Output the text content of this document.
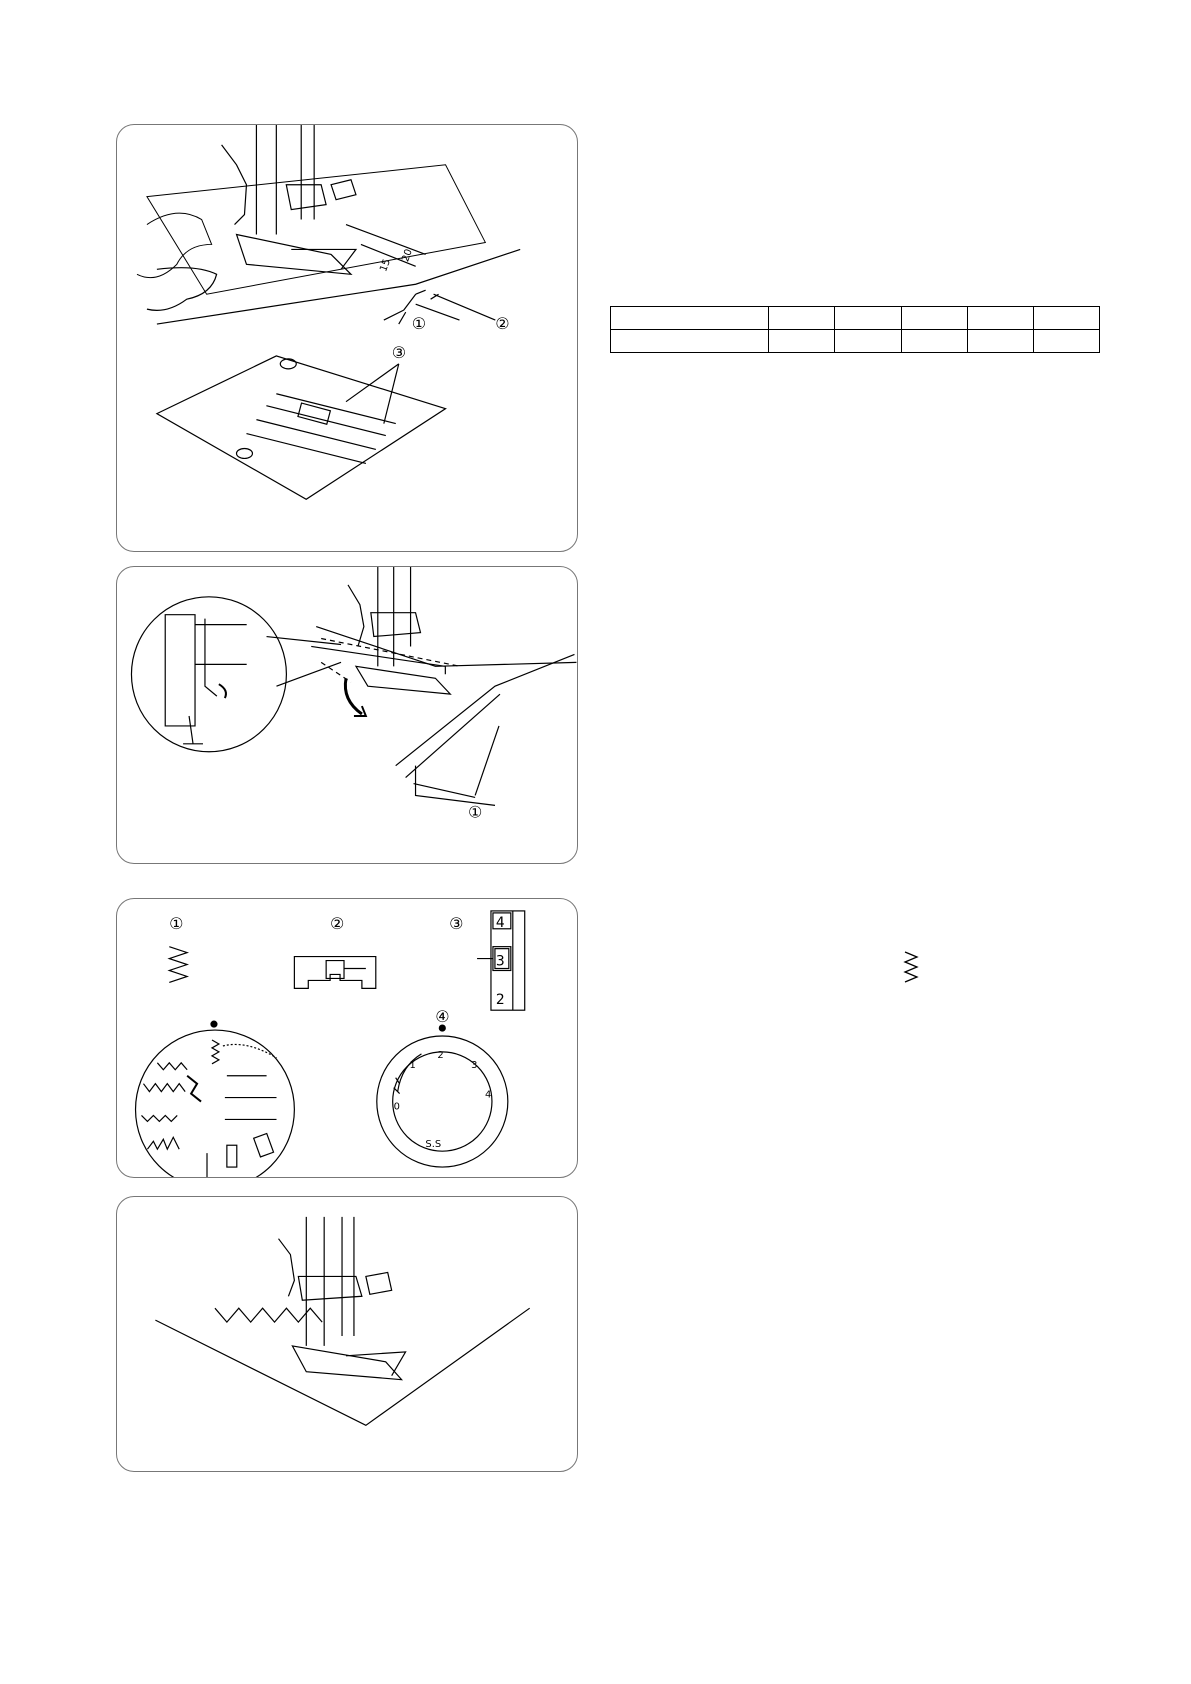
20
15
①	②
③
①
①	②	③
④
4
3
2
0
1
2
3
4
S.S
